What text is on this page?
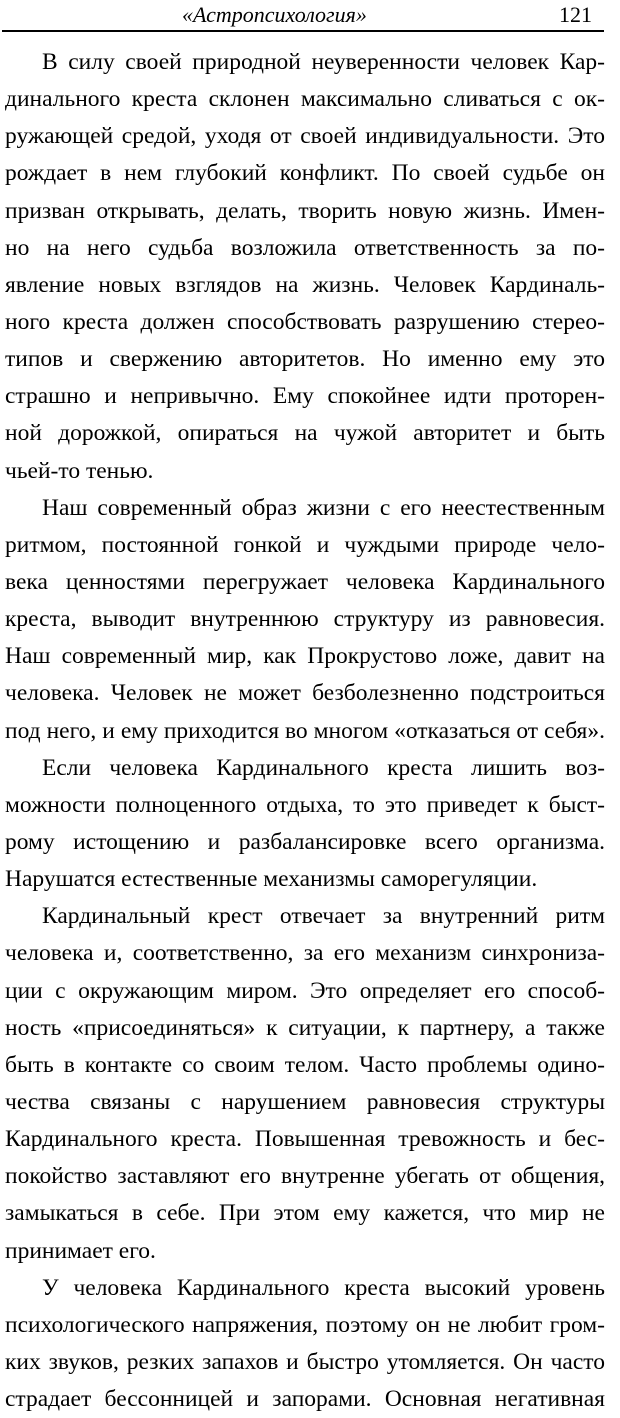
«Астропсихология»	121
В силу своей природной неуверенности человек Кар-
динального креста склонен максимально сливаться с ок-
ружающей средой, уходя от своей индивидуальности. Это
рождает в нем глубокий конфликт. По своей судьбе он
призван открывать, делать, творить новую жизнь. Имен-
но на него судьба возложила ответственность за по-
явление новых взглядов на жизнь. Человек Кардиналь-
ного креста должен способствовать разрушению стерео-
типов и свержению авторитетов. Но именно ему это
страшно и непривычно. Ему спокойнее идти проторен-
ной дорожкой, опираться на чужой авторитет и быть
чьей-то тенью.
Наш современный образ жизни с его неестественным
ритмом, постоянной гонкой и чуждыми природе чело-
века ценностями перегружает человека Кардинального
креста, выводит внутреннюю структуру из равновесия.
Наш современный мир, как Прокрустово ложе, давит на
человека. Человек не может безболезненно подстроиться
под него, и ему приходится во многом «отказаться от себя».
Если человека Кардинального креста лишить воз-
можности полноценного отдыха, то это приведет к быст-
рому истощению и разбалансировке всего организма.
Нарушатся естественные механизмы саморегуляции.
Кардинальный крест отвечает за внутренний ритм
человека и, соответственно, за его механизм синхрониза-
ции с окружающим миром. Это определяет его способ-
ность «присоединяться» к ситуации, к партнеру, а также
быть в контакте со своим телом. Часто проблемы одино-
чества связаны с нарушением равновесия структуры
Кардинального креста. Повышенная тревожность и бес-
покойство заставляют его внутренне убегать от общения,
замыкаться в себе. При этом ему кажется, что мир не
принимает его.
У человека Кардинального креста высокий уровень
психологического напряжения, поэтому он не любит гром-
ких звуков, резких запахов и быстро утомляется. Он часто
страдает бессонницей и запорами. Основная негативная
